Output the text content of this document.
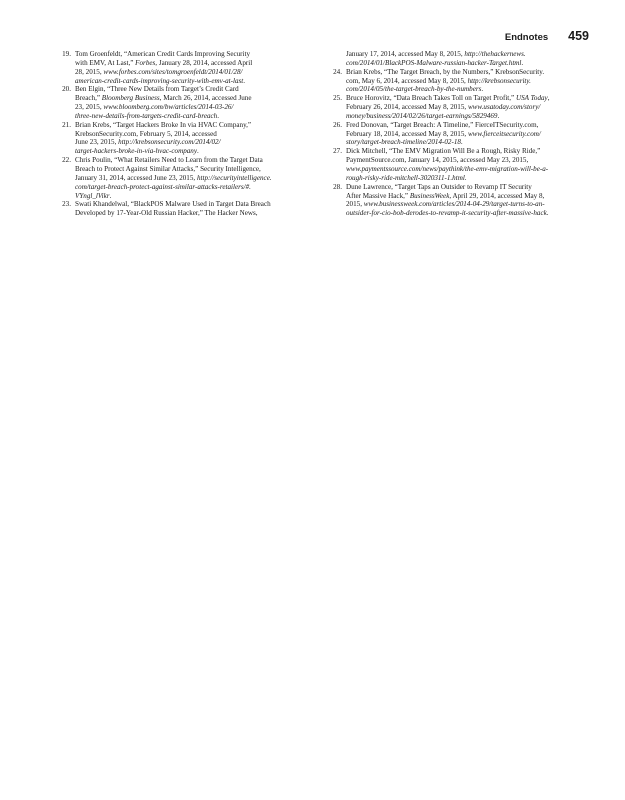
Endnotes 459
19. Tom Groenfeldt, “American Credit Cards Improving Security
with EMV, At Last,” Forbes, January 28, 2014, accessed April
28, 2015, www.forbes.com/sites/tomgroenfeldt/2014/01/28/
american-credit-cards-improving-security-with-emv-at-last.
20. Ben Elgin, “Three New Details from Target’s Credit Card
Breach,” Bloomberg Business, March 26, 2014, accessed June
23, 2015, www.bloomberg.com/bw/articles/2014-03-26/
three-new-details-from-targets-credit-card-breach.
21. Brian Krebs, “Target Hackers Broke In via HVAC Company,”
KrebsonSecurity.com, February 5, 2014, accessed
June 23, 2015, http://krebsonsecurity.com/2014/02/
target-hackers-broke-in-via-hvac-company.
22. Chris Poulin, “What Retailers Need to Learn from the Target Data
Breach to Protect Against Similar Attacks,” Security Intelligence,
January 31, 2014, accessed June 23, 2015, http://securityintelligence.
com/target-breach-protect-against-similar-attacks-retailers/#.
VYngl_lVikr.
23. Swati Khandelwal, “BlackPOS Malware Used in Target Data Breach
Developed by 17-Year-Old Russian Hacker,” The Hacker News,
January 17, 2014, accessed May 8, 2015, http://thehackernews.
com/2014/01/BlackPOS-Malware-russian-hacker-Target.html.
24. Brian Krebs, “The Target Breach, by the Numbers,” KrebsonSecurity.
com, May 6, 2014, accessed May 8, 2015, http://krebsonsecurity.
com/2014/05/the-target-breach-by-the-numbers.
25. Bruce Horovitz, “Data Breach Takes Toll on Target Profit,” USA Today,
February 26, 2014, accessed May 8, 2015, www.usatoday.com/story/
money/business/2014/02/26/target-earnings/5829469.
26. Fred Donovan, “Target Breach: A Timeline,” FierceITSecurity.com,
February 18, 2014, accessed May 8, 2015, www.fierceitsecurity.com/
story/target-breach-timeline/2014-02-18.
27. Dick Mitchell, “The EMV Migration Will Be a Rough, Risky Ride,”
PaymentSource.com, January 14, 2015, accessed May 23, 2015,
www.paymentssource.com/news/paythink/the-emv-migration-will-be-a-
rough-risky-ride-mitchell-3020311-1.html.
28. Dune Lawrence, “Target Taps an Outsider to Revamp IT Security
After Massive Hack,” BusinessWeek, April 29, 2014, accessed May 8,
2015, www.businessweek.com/articles/2014-04-29/target-turns-to-an-
outsider-for-cio-bob-derodes-to-revamp-it-security-after-massive-hack.
